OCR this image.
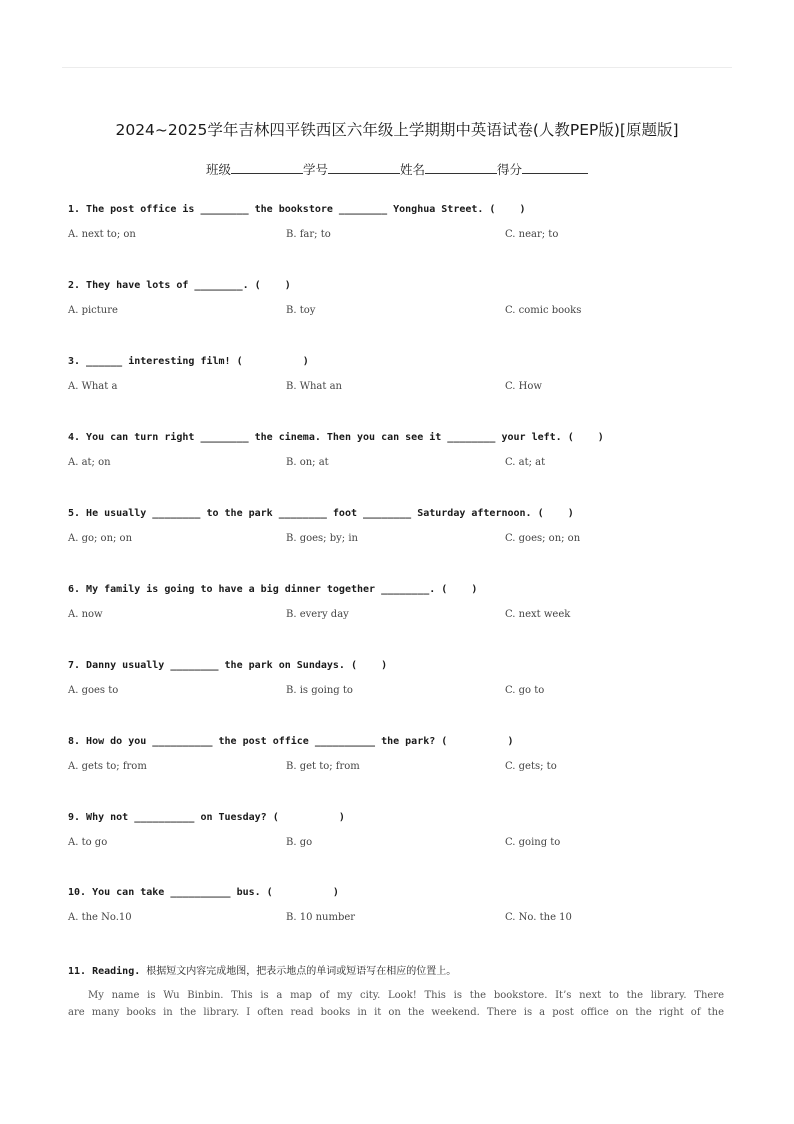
2024~2025学年吉林四平铁西区六年级上学期期中英语试卷(人教PEP版)[原题版]
班级	学号	姓名	得分
1. The post office is ________ the bookstore ________ Yonghua Street. (    )
A. next to; on	B. far; to	C. near; to
2. They have lots of ________. (    )
A. picture	B. toy	C. comic books
3. ______ interesting film! (          )
A. What a	B. What an	C. How
4. You can turn right ________ the cinema. Then you can see it ________ your left. (    )
A. at; on	B. on; at	C. at; at
5. He usually ________ to the park ________ foot ________ Saturday afternoon. (    )
A. go; on; on	B. goes; by; in	C. goes; on; on
6. My family is going to have a big dinner together ________. (    )
A. now	B. every day	C. next week
7. Danny usually ________ the park on Sundays. (    )
A. goes to	B. is going to	C. go to
8. How do you __________ the post office __________ the park? (          )
A. gets to; from	B. get to; from	C. gets; to
9. Why not __________ on Tuesday? (          )
A. to go	B. go	C. going to
10. You can take __________ bus. (          )
A. the No.10	B. 10 number	C. No. the 10
11. Reading. 根据短文内容完成地图，把表示地点的单词或短语写在相应的位置上。
My name is Wu Binbin. This is a map of my city. Look! This is the bookstore. It’s next to the library. There
are many books in the library. I often read books in it on the weekend. There is a post office on the right of the
